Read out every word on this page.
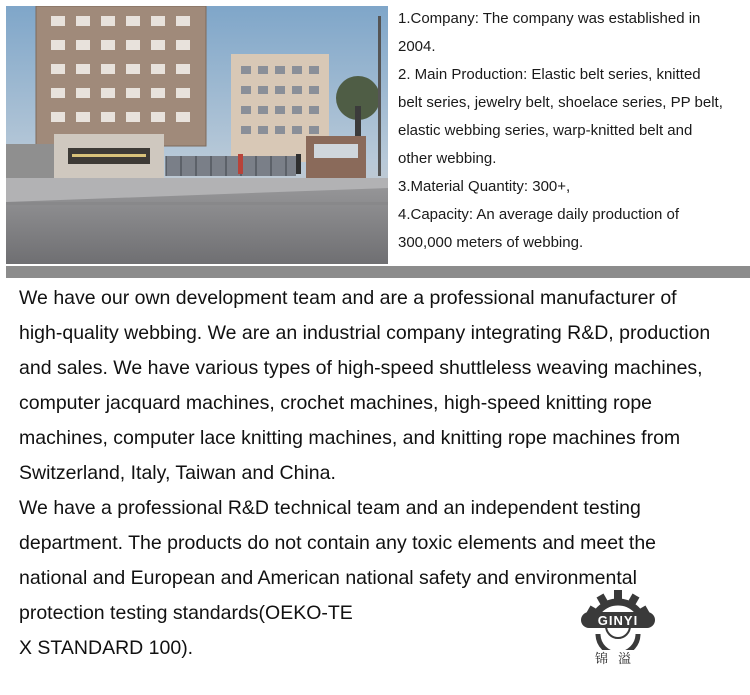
1.Company: The company was established in
2004.

2. Main Production: Elastic belt series, knitted
belt series, jewelry belt, shoelace series, PP belt,
elastic webbing series, warp-knitted belt and
other webbing.

3.Material Quantity: 300+,

4.Capacity: An average daily production of
300,000 meters of webbing.

We have our own development team and are a professional manufacturer of
high-quality webbing. We are an industrial company integrating R&D, production
and sales. We have various types of high-speed shuttleless weaving machines,
computer jacquard machines, crochet machines, high-speed knitting rope
machines, computer lace knitting machines, and knitting rope machines from
Switzerland, Italy, Taiwan and China.

We have a professional R&D technical team and an independent testing
department. The products do not contain any toxic elements and meet the
national and European and American national safety and environmental
protection testing standards(OEKO-TE
X STANDARD 100).

GINYI
锦溢
